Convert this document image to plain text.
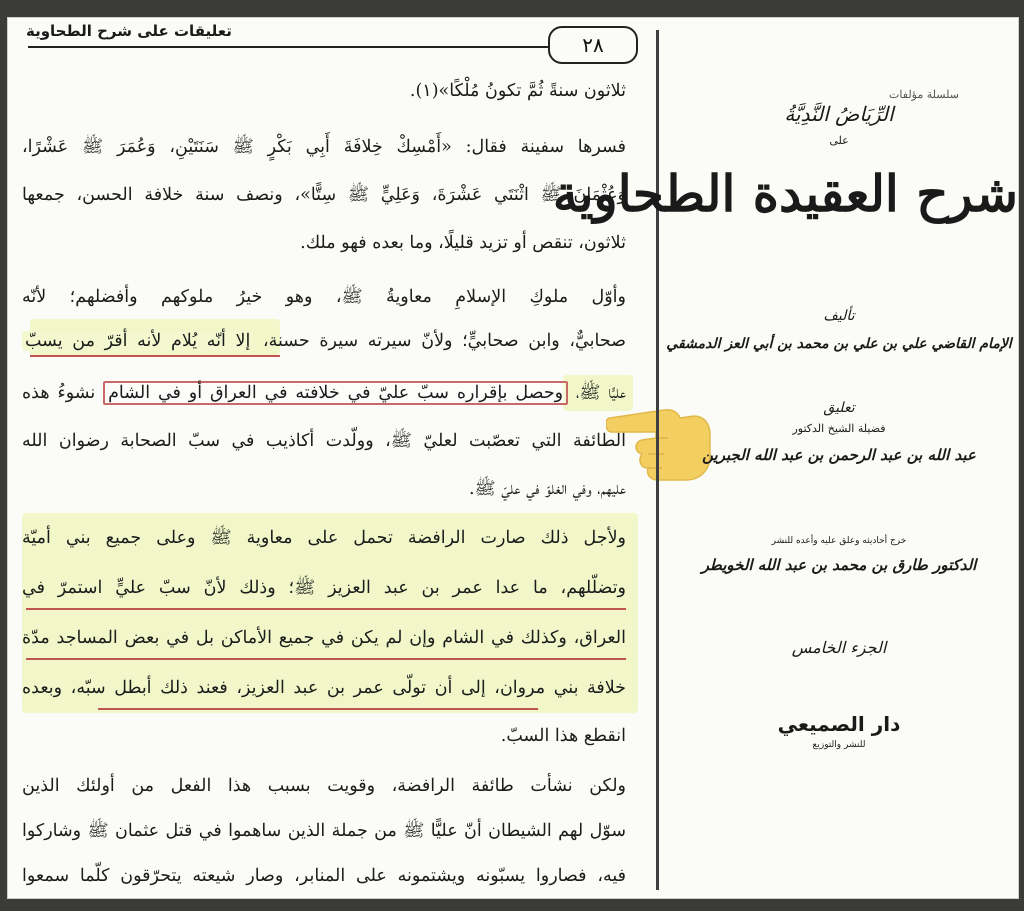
تعليقات على شرح الطحاوية
٢٨
ثلاثون سنةً ثُمَّ تكونُ مُلْكًا»(١).
فسرها سفينة فقال: «أَمْسِكْ خِلافَةَ أَبِي بَكْرٍ ﷺ سَنَتَيْنِ، وَعُمَرَ ﷺ عَشْرًا،
وَعُثْمَانَ ﷺ اثْنَتَي عَشْرَةَ، وَعَلِيٍّ ﷺ سِتًّا»، ونصف سنة خلافة الحسن، جمعها
ثلاثون، تنقص أو تزيد قليلًا، وما بعده فهو ملك.
وأوّل ملوكِ الإسلامِ معاويةُ ﷺ، وهو خيرُ ملوكهم وأفضلهم؛ لأنّه
صحابيٌّ، وابن صحابيٍّ؛ ولأنّ سيرته سيرة حسنة، إلا أنّه يُلام لأنه أقرّ من يسبّ
عليًّا ﷺ، وحصل بإقراره سبّ عليّ في خلافته في العراق أو في الشام نشوءُ هذه
الطائفة التي تعصّبت لعليّ ﷺ، وولّدت أكاذيب في سبّ الصحابة رضوان الله
عليهم، وفي الغلوّ في عليّ ﷺ.
ولأجل ذلك صارت الرافضة تحمل على معاوية ﷺ وعلى جميع بني أميّة
وتضلّلهم، ما عدا عمر بن عبد العزيز ﷺ؛ وذلك لأنّ سبّ عليٍّ استمرّ في
العراق، وكذلك في الشام وإن لم يكن في جميع الأماكن بل في بعض المساجد مدّة
خلافة بني مروان، إلى أن تولّى عمر بن عبد العزيز، فعند ذلك أبطل سبّه، وبعده
انقطع هذا السبّ.
ولكن نشأت طائفة الرافضة، وقويت بسبب هذا الفعل من أولئك الذين
سوّل لهم الشيطان أنّ عليًّا ﷺ من جملة الذين ساهموا في قتل عثمان ﷺ وشاركوا
فيه، فصاروا يسبّونه ويشتمونه على المنابر، وصار شيعته يتحرّقون كلّما سمعوا
سلسلة مؤلفات
الرِّيَاضُ النَّدِيَّةُ
على
شرح العقيدة الطحاوية
تأليف
الإمام القاضي علي بن علي بن محمد بن أبي العز الدمشقي
تعليق
فضيلة الشيخ الدكتور
عبد الله بن عبد الرحمن بن عبد الله الجبرين
خرج أحاديثه وعلق عليه وأعده للنشر
الدكتور طارق بن محمد بن عبد الله الخويطر
الجزء الخامس
دار الصميعي
للنشر والتوزيع
